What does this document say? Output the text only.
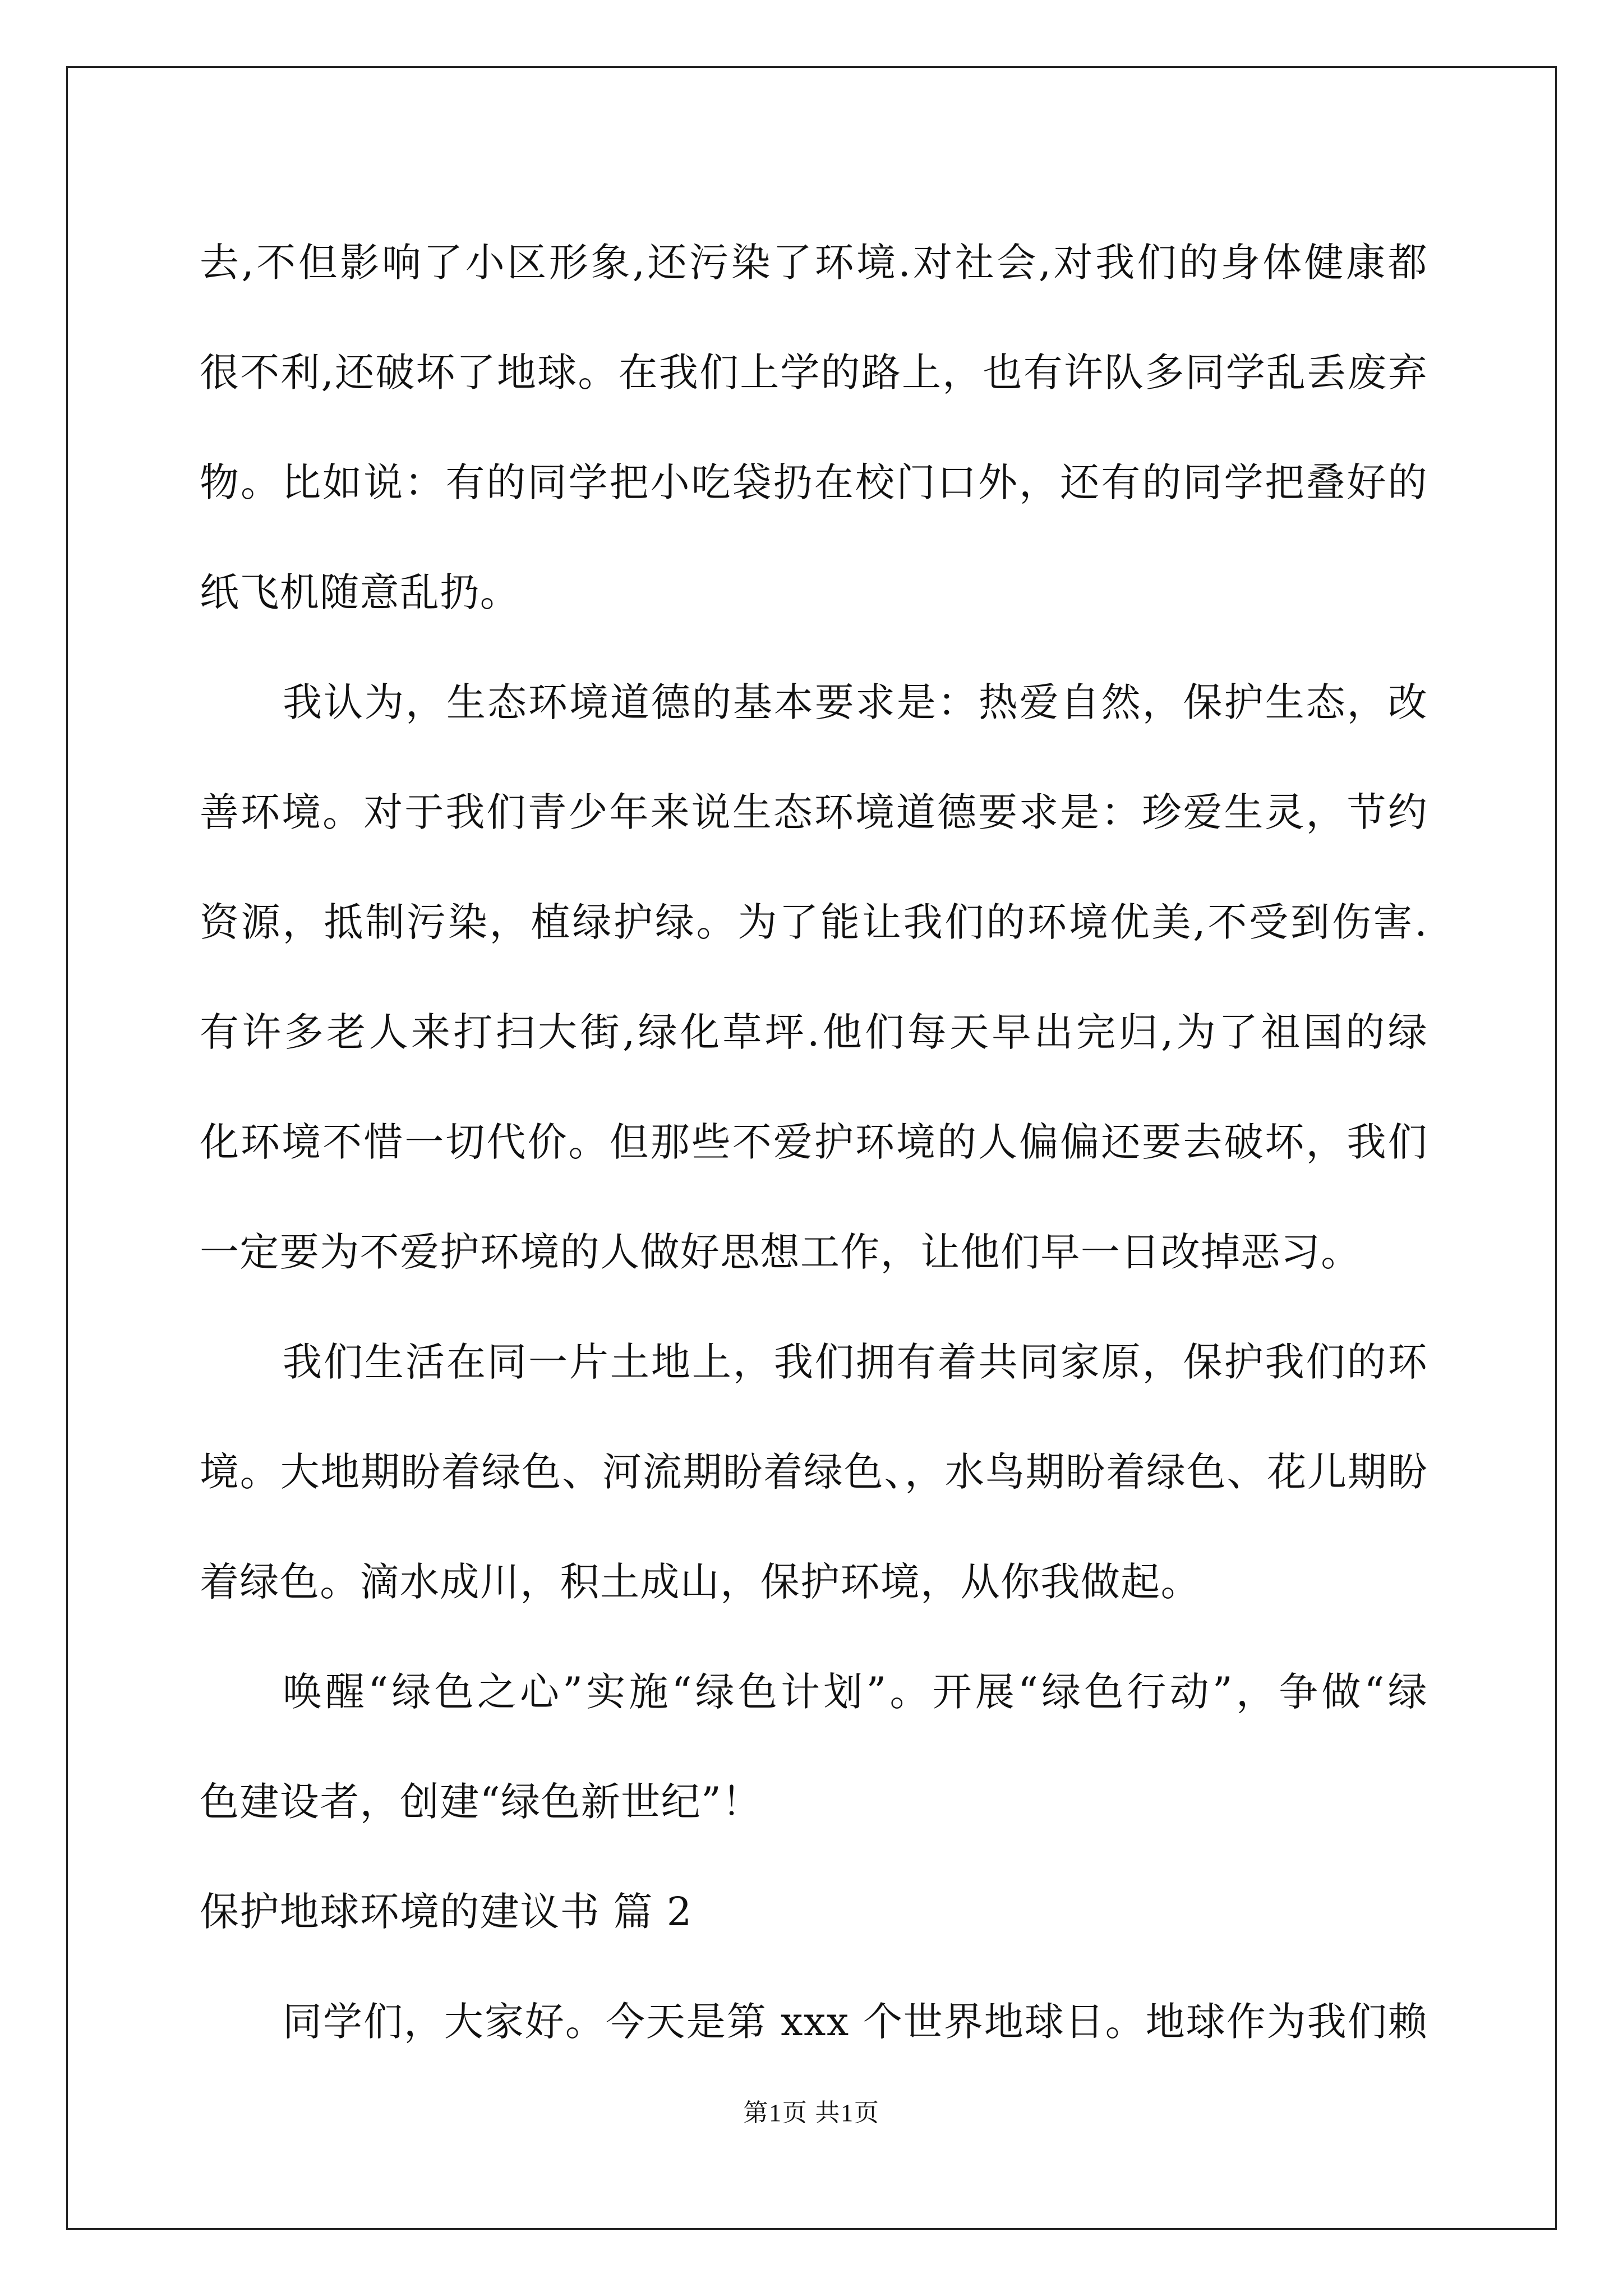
去,不但影响了小区形象,还污染了环境.对社会,对我们的身体健康都
很不利,还破坏了地球。在我们上学的路上，也有许队多同学乱丢废弃
物。比如说：有的同学把小吃袋扔在校门口外，还有的同学把叠好的
纸飞机随意乱扔。
我认为，生态环境道德的基本要求是：热爱自然，保护生态，改
善环境。对于我们青少年来说生态环境道德要求是：珍爱生灵，节约
资源，抵制污染，植绿护绿。为了能让我们的环境优美,不受到伤害.
有许多老人来打扫大街,绿化草坪.他们每天早出完归,为了祖国的绿
化环境不惜一切代价。但那些不爱护环境的人偏偏还要去破坏，我们
一定要为不爱护环境的人做好思想工作，让他们早一日改掉恶习。
我们生活在同一片土地上，我们拥有着共同家原，保护我们的环
境。大地期盼着绿色、河流期盼着绿色、，水鸟期盼着绿色、花儿期盼
着绿色。滴水成川，积土成山，保护环境，从你我做起。
唤醒“绿色之心”实施“绿色计划”。开展“绿色行动”，争做“绿
色建设者，创建“绿色新世纪”！
保护地球环境的建议书 篇 2
同学们，大家好。今天是第 xxx 个世界地球日。地球作为我们赖
第1页 共1页
